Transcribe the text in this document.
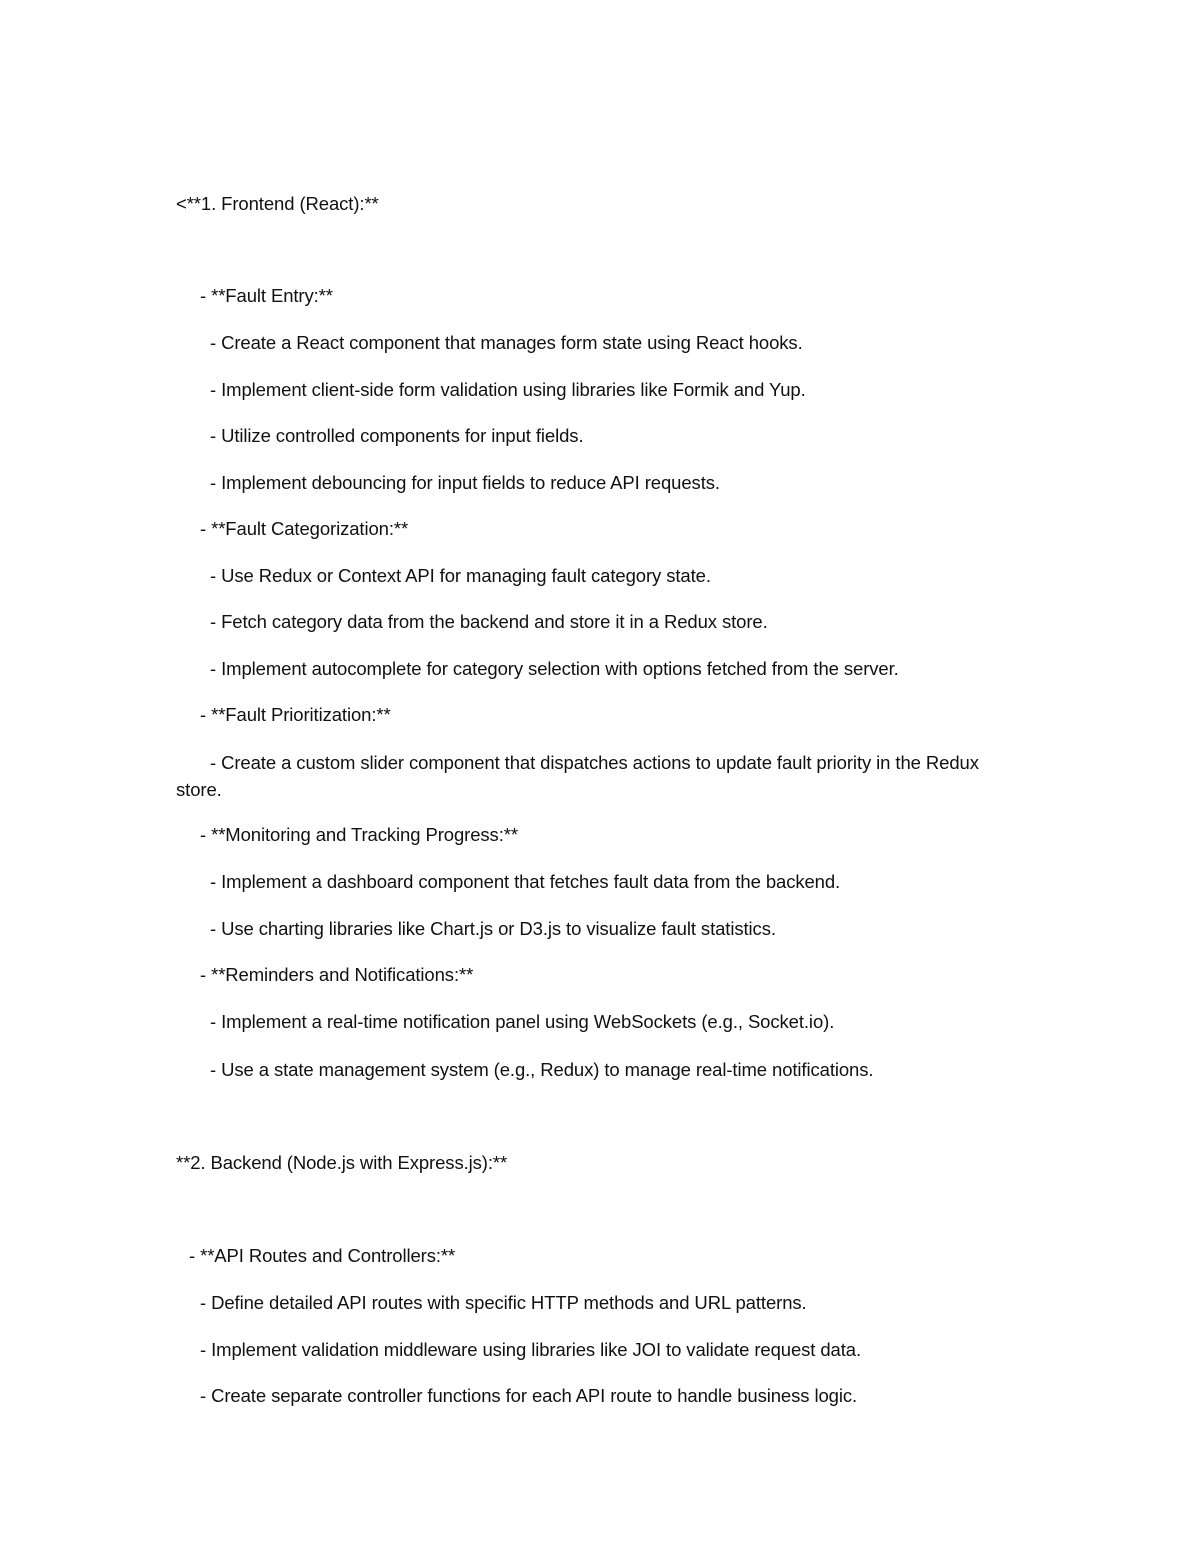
<**1. Frontend (React):**
- **Fault Entry:**
- Create a React component that manages form state using React hooks.
- Implement client-side form validation using libraries like Formik and Yup.
- Utilize controlled components for input fields.
- Implement debouncing for input fields to reduce API requests.
- **Fault Categorization:**
- Use Redux or Context API for managing fault category state.
- Fetch category data from the backend and store it in a Redux store.
- Implement autocomplete for category selection with options fetched from the server.
- **Fault Prioritization:**
- Create a custom slider component that dispatches actions to update fault priority in the Redux store.
- **Monitoring and Tracking Progress:**
- Implement a dashboard component that fetches fault data from the backend.
- Use charting libraries like Chart.js or D3.js to visualize fault statistics.
- **Reminders and Notifications:**
- Implement a real-time notification panel using WebSockets (e.g., Socket.io).
- Use a state management system (e.g., Redux) to manage real-time notifications.
**2. Backend (Node.js with Express.js):**
- **API Routes and Controllers:**
- Define detailed API routes with specific HTTP methods and URL patterns.
- Implement validation middleware using libraries like JOI to validate request data.
- Create separate controller functions for each API route to handle business logic.
